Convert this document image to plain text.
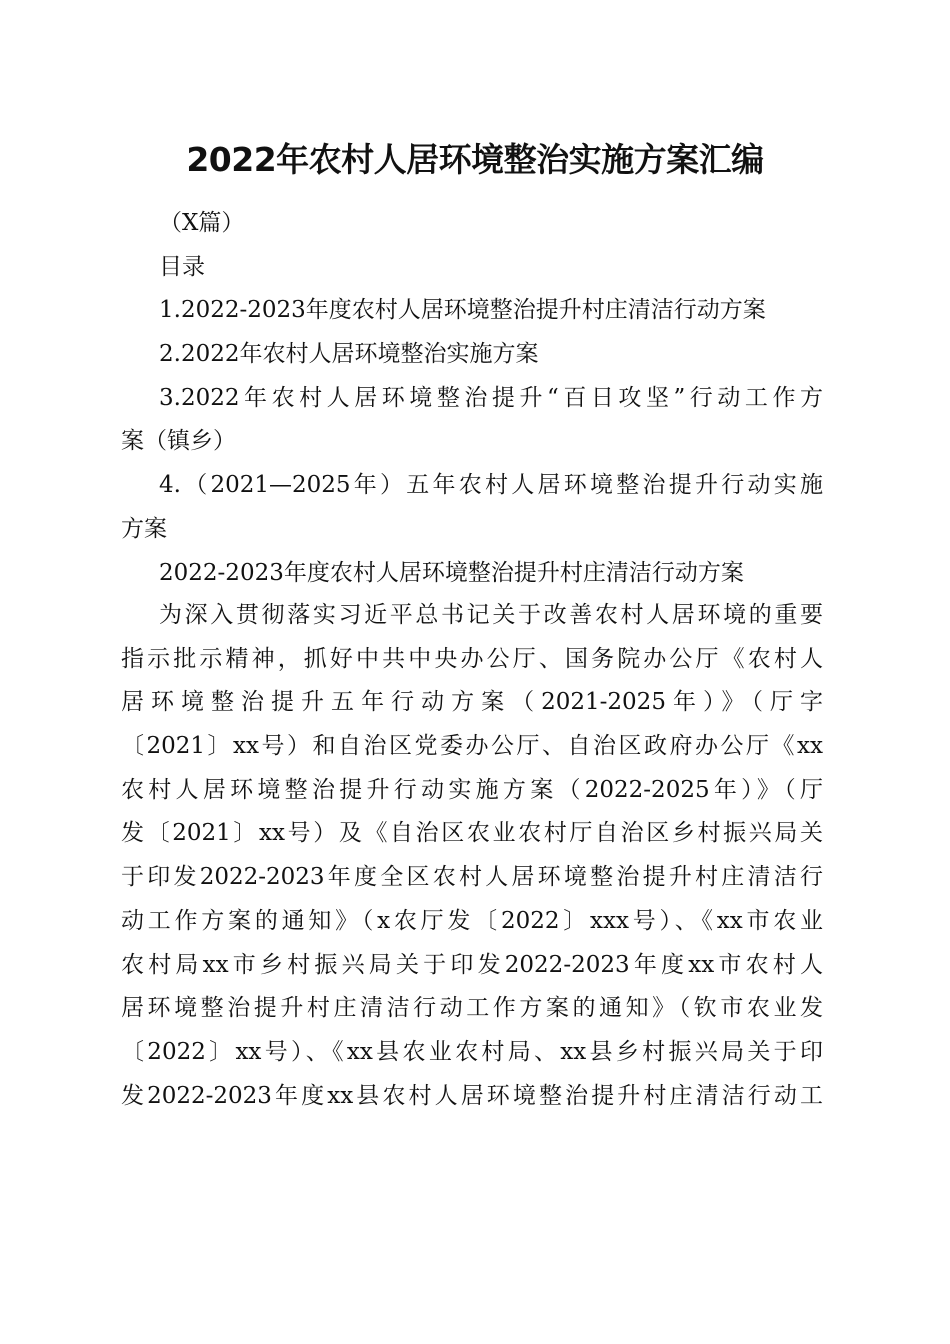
2022年农村人居环境整治实施方案汇编
（X篇）
目录
1.2022-2023年度农村人居环境整治提升村庄清洁行动方案
2.2022年农村人居环境整治实施方案
3.2022年农村人居环境整治提升“百日攻坚”行动工作方
案（镇乡）
4.（2021—2025年）五年农村人居环境整治提升行动实施
方案
2022-2023年度农村人居环境整治提升村庄清洁行动方案
为深入贯彻落实习近平总书记关于改善农村人居环境的重要
指示批示精神，抓好中共中央办公厅、国务院办公厅《农村人
居环境整治提升五年行动方案（2021-2025年）》（厅字
〔2021〕xx号）和自治区党委办公厅、自治区政府办公厅《xx
农村人居环境整治提升行动实施方案（2022-2025年）》（厅
发〔2021〕xx号）及《自治区农业农村厅自治区乡村振兴局关
于印发2022-2023年度全区农村人居环境整治提升村庄清洁行
动工作方案的通知》（x农厅发〔2022〕xxx号）、《xx市农业
农村局xx市乡村振兴局关于印发2022-2023年度xx市农村人
居环境整治提升村庄清洁行动工作方案的通知》（钦市农业发
〔2022〕xx号）、《xx县农业农村局、xx县乡村振兴局关于印
发2022-2023年度xx县农村人居环境整治提升村庄清洁行动工
